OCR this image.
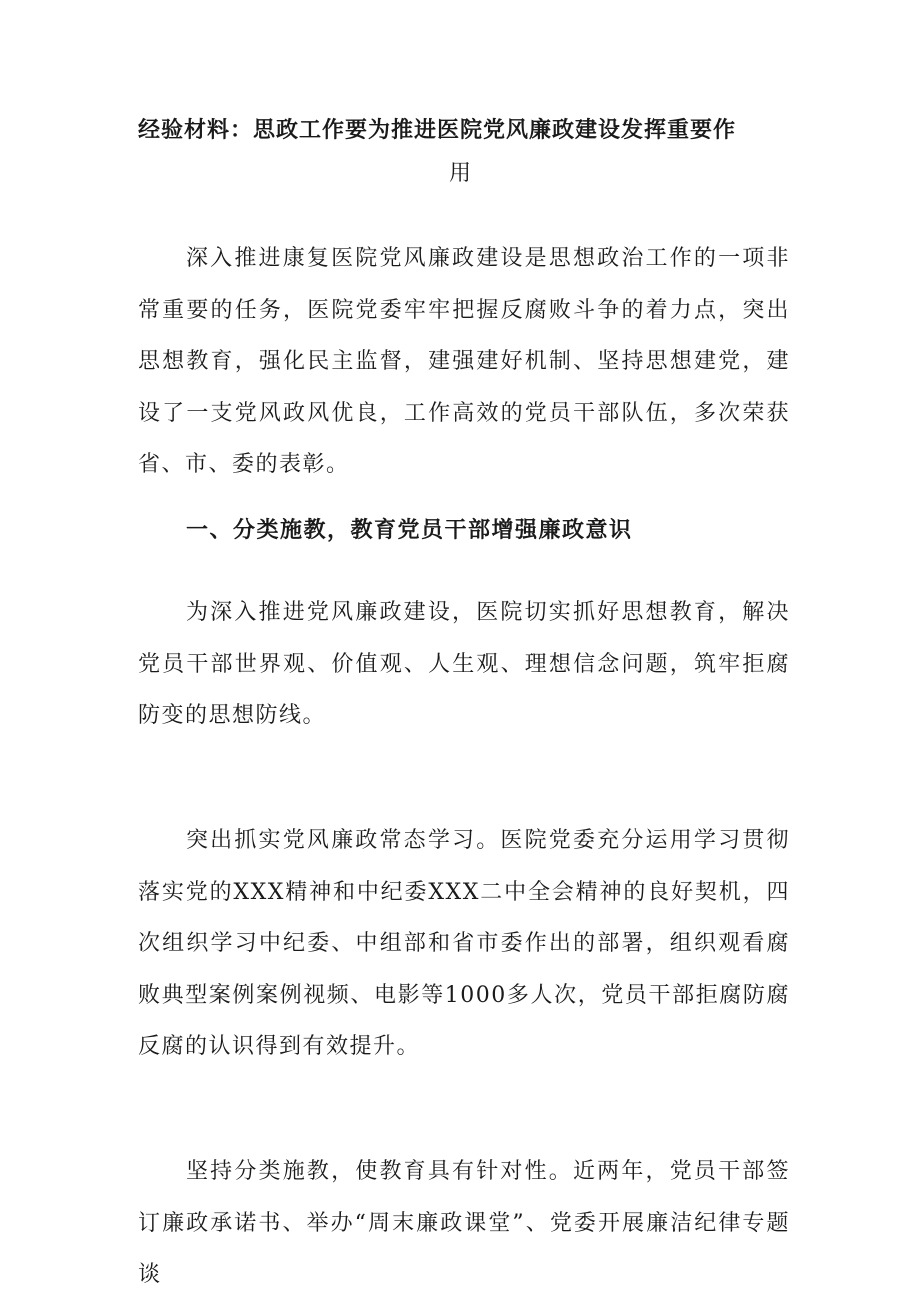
经验材料：思政工作要为推进医院党风廉政建设发挥重要作
用

深入推进康复医院党风廉政建设是思想政治工作的一项非常重要的任务，医院党委牢牢把握反腐败斗争的着力点，突出思想教育，强化民主监督，建强建好机制、坚持思想建党，建设了一支党风政风优良，工作高效的党员干部队伍，多次荣获省、市、委的表彰。

一、分类施教，教育党员干部增强廉政意识

为深入推进党风廉政建设，医院切实抓好思想教育，解决党员干部世界观、价值观、人生观、理想信念问题，筑牢拒腐防变的思想防线。

突出抓实党风廉政常态学习。医院党委充分运用学习贯彻落实党的XXX精神和中纪委XXX二中全会精神的良好契机，四次组织学习中纪委、中组部和省市委作出的部署，组织观看腐败典型案例案例视频、电影等1000多人次，党员干部拒腐防腐反腐的认识得到有效提升。

坚持分类施教，使教育具有针对性。近两年，党员干部签订廉政承诺书、举办“周末廉政课堂”、党委开展廉洁纪律专题谈
